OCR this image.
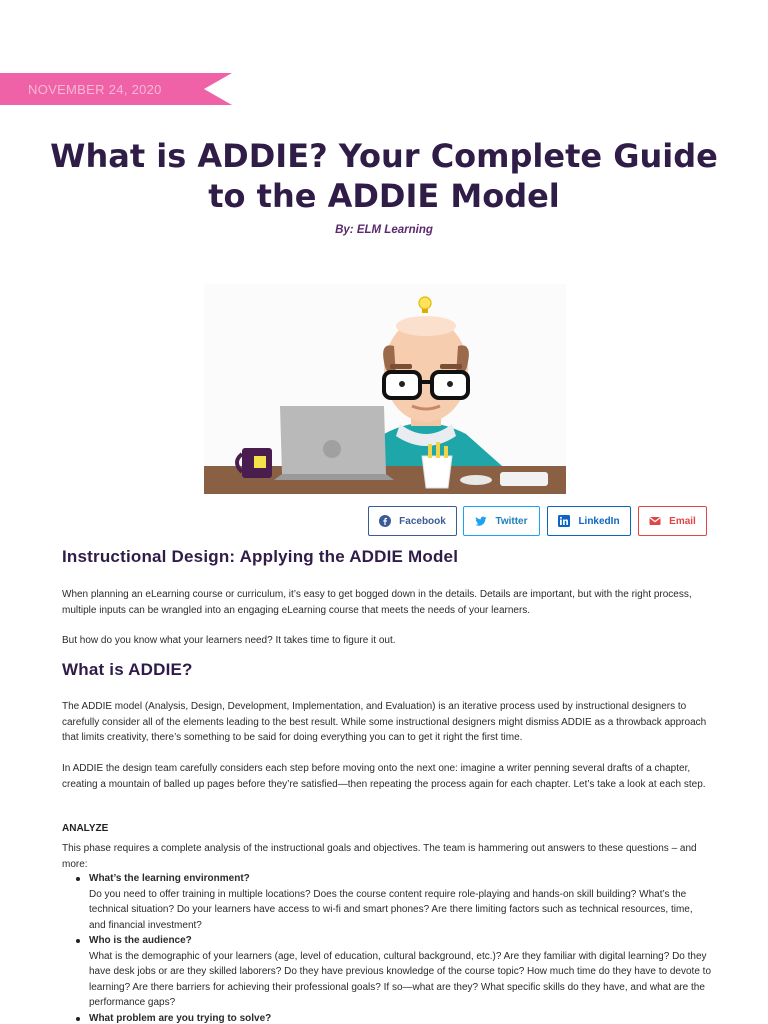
NOVEMBER 24, 2020
What is ADDIE? Your Complete Guide to the ADDIE Model
By: ELM Learning
Facebook	Twitter	LinkedIn	Email
Instructional Design: Applying the ADDIE Model

When planning an eLearning course or curriculum, it’s easy to get bogged down in the details. Details are important, but with the right process, multiple inputs can be wrangled into an engaging eLearning course that meets the needs of your learners.

But how do you know what your learners need? It takes time to figure it out.

What is ADDIE?

The ADDIE model (Analysis, Design, Development, Implementation, and Evaluation) is an iterative process used by instructional designers to carefully consider all of the elements leading to the best result. While some instructional designers might dismiss ADDIE as a throwback approach that limits creativity, there’s something to be said for doing everything you can to get it right the first time.

In ADDIE the design team carefully considers each step before moving onto the next one: imagine a writer penning several drafts of a chapter, creating a mountain of balled up pages before they’re satisfied—then repeating the process again for each chapter. Let’s take a look at each step.

ANALYZE

This phase requires a complete analysis of the instructional goals and objectives. The team is hammering out answers to these questions – and more:

What’s the learning environment?
Do you need to offer training in multiple locations? Does the course content require role-playing and hands-on skill building? What’s the technical situation? Do your learners have access to wi-fi and smart phones? Are there limiting factors such as technical resources, time, and financial investment?
Who is the audience?
What is the demographic of your learners (age, level of education, cultural background, etc.)? Are they familiar with digital learning? Do they have desk jobs or are they skilled laborers? Do they have previous knowledge of the course topic? How much time do they have to devote to learning? Are there barriers for achieving their professional goals? If so—what are they? What specific skills do they have, and what are the performance gaps?
What problem are you trying to solve?
